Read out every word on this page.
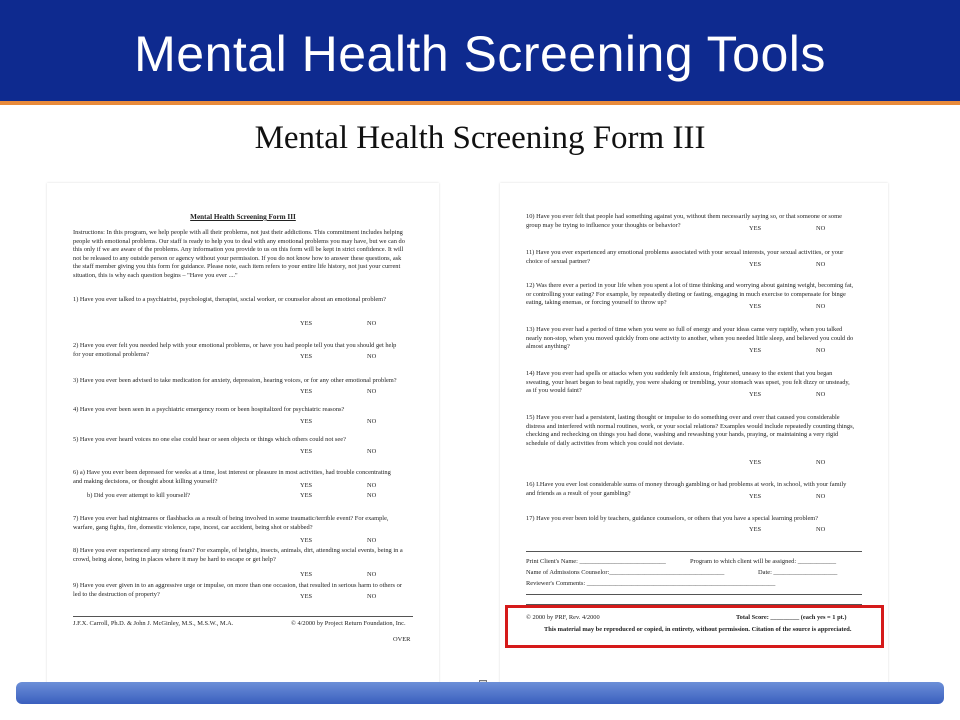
Mental Health Screening Tools
Mental Health Screening Form III
Mental Health Screening Form III
Instructions: In this program, we help people with all their problems, not just their addictions. This commitment includes helping people with emotional problems. Our staff is ready to help you to deal with any emotional problems you may have, but we can do this only if we are aware of the problems. Any information you provide to us on this form will be kept in strict confidence. It will not be released to any outside person or agency without your permission. If you do not know how to answer these questions, ask the staff member giving you this form for guidance. Please note, each item refers to your entire life history, not just your current situation, this is why each question begins – "Have you ever ...."
1) Have you ever talked to a psychiatrist, psychologist, therapist, social worker, or counselor about an emotional problem?
YES	NO
2) Have you ever felt you needed help with your emotional problems, or have you had people tell you that you should get help for your emotional problems?	YES	NO
3) Have you ever been advised to take medication for anxiety, depression, hearing voices, or for any other emotional problem?
YES	NO
4) Have you ever been seen in a psychiatric emergency room or been hospitalized for psychiatric reasons?
YES	NO
5) Have you ever heard voices no one else could hear or seen objects or things which others could not see?
YES	NO
6) a) Have you ever been depressed for weeks at a time, lost interest or pleasure in most activities, had trouble concentrating and making decisions, or thought about killing yourself?
YES	NO
b) Did you ever attempt to kill yourself?	YES	NO
7) Have you ever had nightmares or flashbacks as a result of being involved in some traumatic/terrible event? For example, warfare, gang fights, fire, domestic violence, rape, incest, car accident, being shot or stabbed?
YES	NO
8) Have you ever experienced any strong fears? For example, of heights, insects, animals, dirt, attending social events, being in a crowd, being alone, being in places where it may be hard to escape or get help?
YES	NO
9) Have you ever given in to an aggressive urge or impulse, on more than one occasion, that resulted in serious harm to others or led to the destruction of property?	YES	NO
J.F.X. Carroll, Ph.D. & John J. McGinley, M.S., M.S.W., M.A.	© 4/2000 by Project Return Foundation, Inc.
OVER
10) Have you ever felt that people had something against you, without them necessarily saying so, or that someone or some group may be trying to influence your thoughts or behavior?	YES	NO
11) Have you ever experienced any emotional problems associated with your sexual interests, your sexual activities, or your choice of sexual partner?	YES	NO
12) Was there ever a period in your life when you spent a lot of time thinking and worrying about gaining weight, becoming fat, or controlling your eating? For example, by repeatedly dieting or fasting, engaging in much exercise to compensate for binge eating, taking enemas, or forcing yourself to throw up?
YES	NO
13) Have you ever had a period of time when you were so full of energy and your ideas came very rapidly, when you talked nearly non-stop, when you moved quickly from one activity to another, when you needed little sleep, and believed you could do almost anything?
YES	NO
14) Have you ever had spells or attacks when you suddenly felt anxious, frightened, uneasy to the extent that you began sweating, your heart began to beat rapidly, you were shaking or trembling, your stomach was upset, you felt dizzy or unsteady, as if you would faint?
YES	NO
15) Have you ever had a persistent, lasting thought or impulse to do something over and over that caused you considerable distress and interfered with normal routines, work, or your social relations? Examples would include repeatedly counting things, checking and rechecking on things you had done, washing and rewashing your hands, praying, or maintaining a very rigid schedule of daily activities from which you could not deviate.
YES	NO
16) I.Have you ever lost considerable sums of money through gambling or had problems at work, in school, with your family and friends as a result of your gambling?	YES	NO
17) Have you ever been told by teachers, guidance counselors, or others that you have a special learning problem?
YES	NO
Print Client's Name: ___________________________	Program to which client will be assigned: ____________
Name of Admissions Counselor:____________________________________	Date: ____________________
Reviewer's Comments: ___________________________________________________________
© 2000 by PRF, Rev. 4/2000	Total Score: _________ (each yes = 1 pt.)
This material may be reproduced or copied, in entirety, without permission. Citation of the source is appreciated.
